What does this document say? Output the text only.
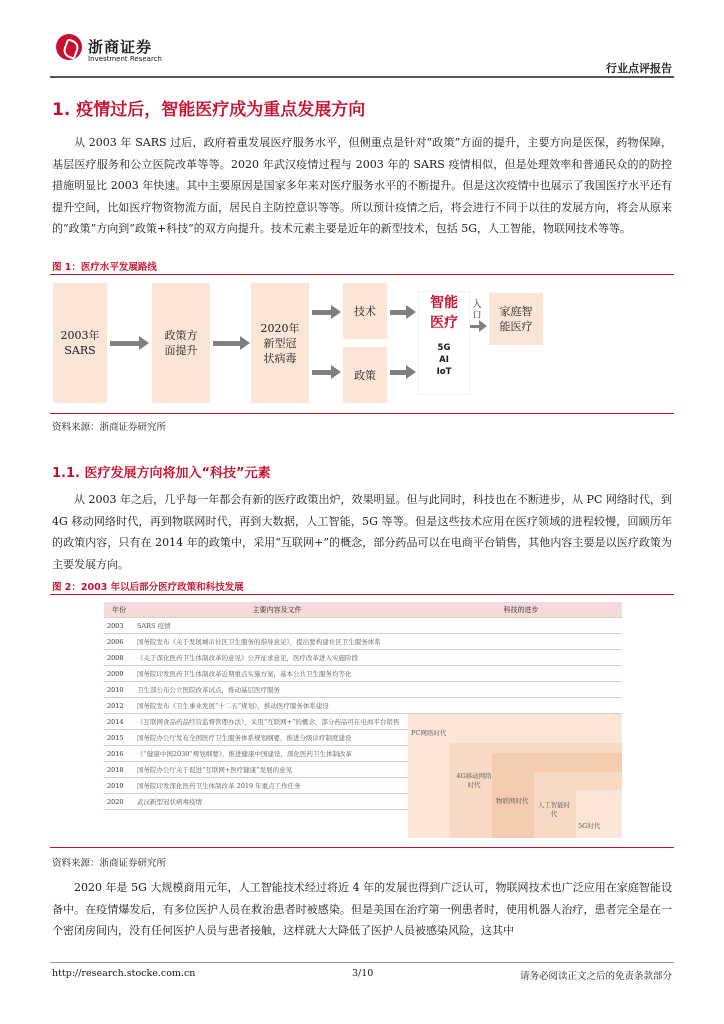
浙商证券
Investment Research
行业点评报告
1. 疫情过后，智能医疗成为重点发展方向
从 2003 年 SARS 过后，政府着重发展医疗服务水平，但侧重点是针对“政策”方面的提升，主要方向是医保，药物保障，基层医疗服务和公立医院改革等等。2020 年武汉疫情过程与 2003 年的 SARS 疫情相似，但是处理效率和普通民众的的防控措施明显比 2003 年快速。其中主要原因是国家多年来对医疗服务水平的不断提升。但是这次疫情中也展示了我国医疗水平还有提升空间，比如医疗物资物流方面，居民自主防控意识等等。所以预计疫情之后，将会进行不同于以往的发展方向，将会从原来的“政策”方向到“政策+科技”的双方向提升。技术元素主要是近年的新型技术，包括 5G，人工智能，物联网技术等等。
图 1：医疗水平发展路线
2003年
SARS
政策方
面提升
2020年
新型冠
状病毒
技术
政策
智能
医疗
5G
AI
IoT
入
口 家庭智
能医疗
资料来源：浙商证券研究所
1.1. 医疗发展方向将加入“科技”元素
从 2003 年之后，几乎每一年都会有新的医疗政策出炉，效果明显。但与此同时，科技也在不断进步，从 PC 网络时代，到 4G 移动网络时代，再到物联网时代，再到大数据，人工智能，5G 等等。但是这些技术应用在医疗领域的进程较慢，回顾历年的政策内容，只有在 2014 年的政策中，采用“互联网+”的概念，部分药品可以在电商平台销售，其他内容主要是以医疗政策为主要发展方向。
图 2：2003 年以后部分医疗政策和科技发展
年份	主要内容及文件	科技的进步
2003	SARS 疫情	
2006	国务院发布《关于发展城市社区卫生服务的指导意见》，提出要构建社区卫生服务体系	
2008	《关于深化医药卫生体制改革的意见》公开征求意见，医疗改革进入实施阶段	
2009	国务院印发医药卫生体制改革近期重点实施方案，基本公共卫生服务均等化	
2010	卫生部公布公立医院改革试点，推动基层医疗服务	
2012	国务院发布《卫生事业发展“十二五”规划》，推动医疗服务体系建设	
2014	《互联网食品药品经营监督管理办法》，采用“互联网+”的概念，部分药品可在电商平台销售	
2015	国务院办公厅发布全国医疗卫生服务体系规划纲要，推进分级诊疗制度建设	
2016	《“健康中国2030”规划纲要》，推进健康中国建设，深化医药卫生体制改革	
2018	国务院办公厅关于促进“互联网+医疗健康”发展的意见	
2019	国务院印发深化医药卫生体制改革 2019 年重点工作任务	
2020	武汉新型冠状病毒疫情	
PC网络时代
4G移动网络时代
物联网时代 人工智能时代
5G时代
资料来源：浙商证券研究所
2020 年是 5G 大规模商用元年，人工智能技术经过将近 4 年的发展也得到广泛认可，物联网技术也广泛应用在家庭智能设备中。在疫情爆发后，有多位医护人员在救治患者时被感染。但是美国在治疗第一例患者时，使用机器人治疗，患者完全是在一个密闭房间内，没有任何医护人员与患者接触，这样就大大降低了医护人员被感染风险，这其中
http://research.stocke.com.cn	3/10	请务必阅读正文之后的免责条款部分
